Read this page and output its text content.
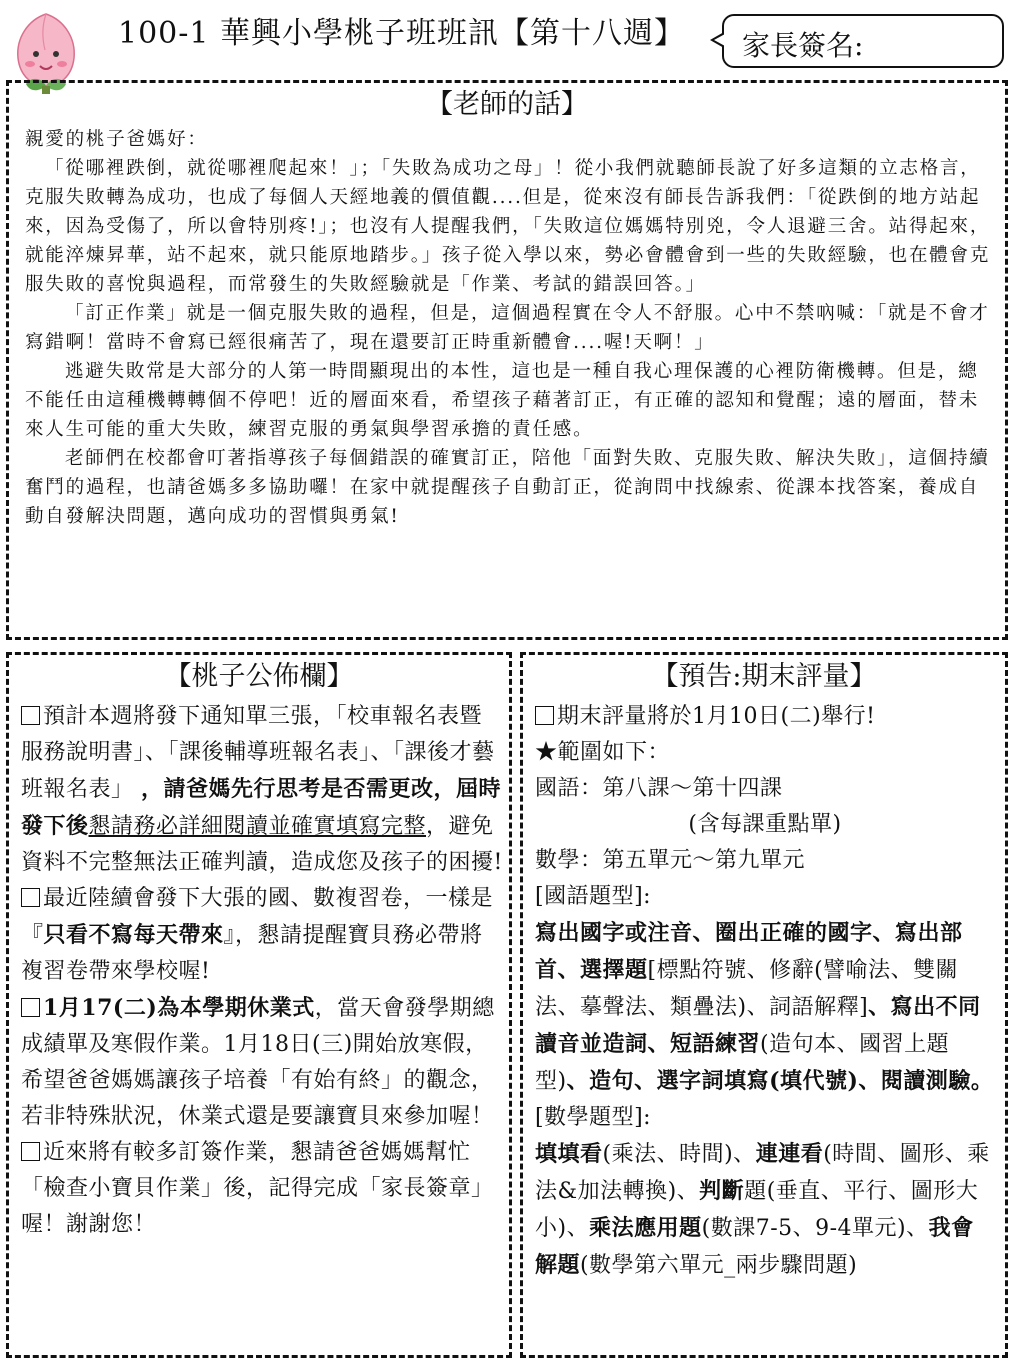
100-1 華興小學桃子班班訊【第十八週】 家長簽名:
【老師的話】

親愛的桃子爸媽好：

「從哪裡跌倒，就從哪裡爬起來！」；「失敗為成功之母」！從小我們就聽師長說了好多這類的立志格言，克服失敗轉為成功，也成了每個人天經地義的價值觀....但是，從來沒有師長告訴我們：「從跌倒的地方站起來，因為受傷了，所以會特別疼!」；也沒有人提醒我們，「失敗這位媽媽特別兇，令人退避三舍。站得起來，就能淬煉昇華，站不起來，就只能原地踏步。」孩子從入學以來，勢必會體會到一些的失敗經驗，也在體會克服失敗的喜悅與過程，而常發生的失敗經驗就是「作業、考試的錯誤回答。」

「訂正作業」就是一個克服失敗的過程，但是，這個過程實在令人不舒服。心中不禁吶喊：「就是不會才寫錯啊！當時不會寫已經很痛苦了，現在還要訂正時重新體會....喔!天啊！」

逃避失敗常是大部分的人第一時間顯現出的本性，這也是一種自我心理保護的心裡防衛機轉。但是，總不能任由這種機轉轉個不停吧！近的層面來看，希望孩子藉著訂正，有正確的認知和覺醒；遠的層面，替未來人生可能的重大失敗，練習克服的勇氣與學習承擔的責任感。

老師們在校都會叮著指導孩子每個錯誤的確實訂正，陪他「面對失敗、克服失敗、解決失敗」，這個持續奮鬥的過程，也請爸媽多多協助囉！在家中就提醒孩子自動訂正，從詢問中找線索、從課本找答案，養成自動自發解決問題，邁向成功的習慣與勇氣!

【桃子公佈欄】

預計本週將發下通知單三張，「校車報名表暨服務說明書」、「課後輔導班報名表」、「課後才藝班報名表」 ，請爸媽先行思考是否需更改，屆時發下後懇請務必詳細閱讀並確實填寫完整，避免資料不完整無法正確判讀，造成您及孩子的困擾!

最近陸續會發下大張的國、數複習卷，一樣是『只看不寫每天帶來』，懇請提醒寶貝務必帶將複習卷帶來學校喔!

1月17(二)為本學期休業式，當天會發學期總成績單及寒假作業。1月18日(三)開始放寒假，希望爸爸媽媽讓孩子培養「有始有終」的觀念，若非特殊狀況，休業式還是要讓寶貝來參加喔！

近來將有較多訂簽作業，懇請爸爸媽媽幫忙「檢查小寶貝作業」後，記得完成「家長簽章」喔！謝謝您！

【預告:期末評量】

期末評量將於1月10日(二)舉行!

★範圍如下：

國語：第八課～第十四課

(含每課重點單)

數學：第五單元～第九單元

[國語題型]:

寫出國字或注音、圈出正確的國字、寫出部首、選擇題[標點符號、修辭(譬喻法、雙關法、摹聲法、類疊法)、詞語解釋]、寫出不同讀音並造詞、短語練習(造句本、國習上題型)、造句、選字詞填寫(填代號)、閱讀測驗。

[數學題型]:

填填看(乘法、時間)、連連看(時間、圖形、乘法&加法轉換)、判斷題(垂直、平行、圖形大小)、乘法應用題(數課7-5、9-4單元)、我會解題(數學第六單元_兩步驟問題)
